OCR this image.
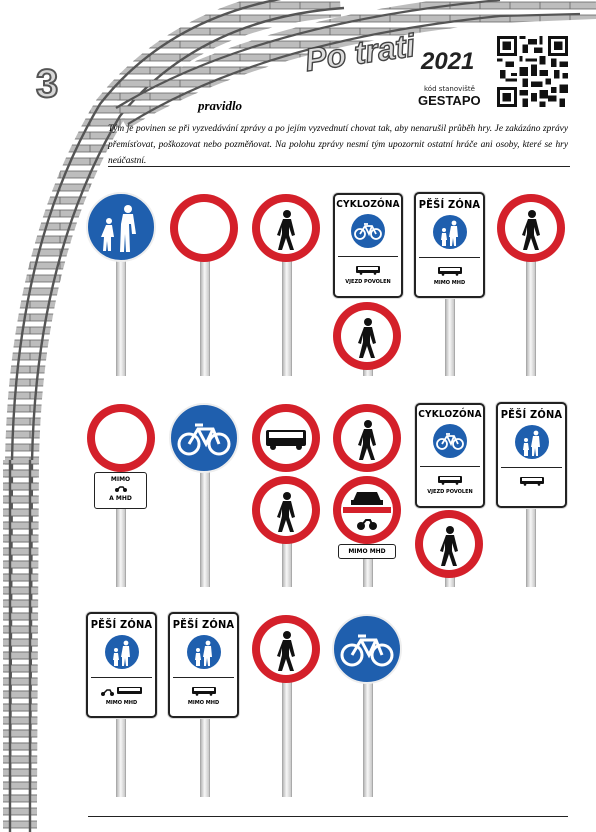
3
Po trati 2021
kód stanoviště
GESTAPO
pravidlo
Tým je povinen se při vyzvedávání zprávy a po jejím vyzvednutí chovat tak, aby nenarušil průběh hry. Je zakázáno zprávy přemísťovat, poškozovat nebo pozměňovat. Na polohu zprávy nesmí tým upozornit ostatní hráče ani osoby, které se hry neúčastní.
CYKLOZÓNA
VJEZD POVOLEN
PĚŠÍ ZÓNA
MIMO MHD
MIMO
A MHD
MIMO MHD
CYKLOZÓNA
VJEZD POVOLEN
PĚŠÍ ZÓNA
PĚŠÍ ZÓNA
MIMO MHD
PĚŠÍ ZÓNA
MIMO MHD
